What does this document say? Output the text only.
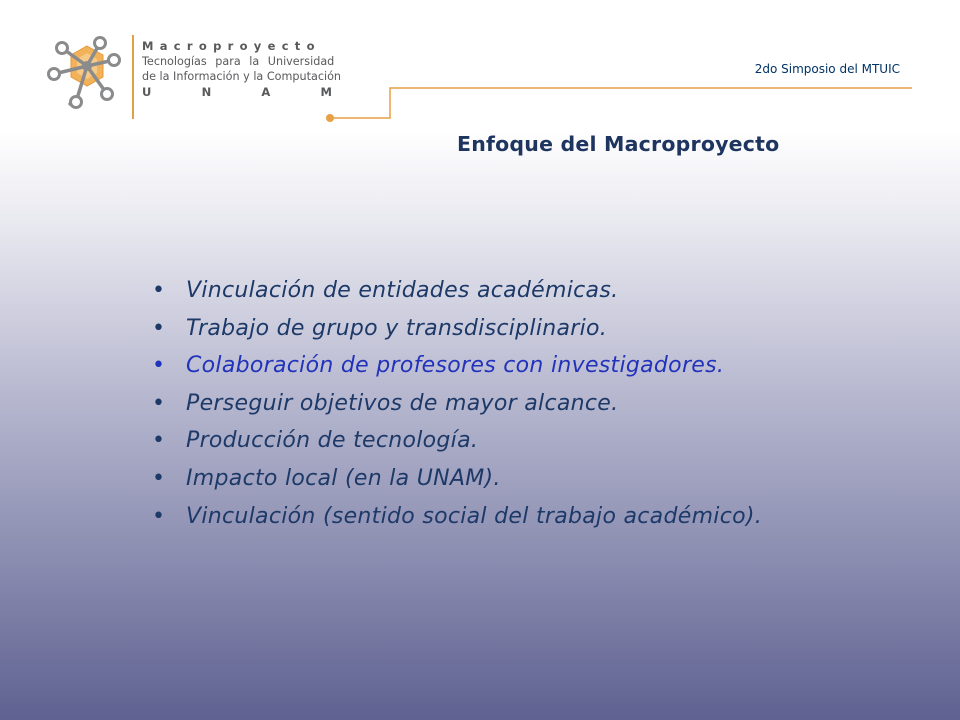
Macroproyecto
Tecnologías para la Universidad
de la Información y la Computación
U	N	A	M
2do Simposio del MTUIC
Enfoque del Macroproyecto
• Vinculación de entidades académicas.
• Trabajo de grupo y transdisciplinario.
• Colaboración de profesores con investigadores.
• Perseguir objetivos de mayor alcance.
• Producción de tecnología.
• Impacto local (en la UNAM).
• Vinculación (sentido social del trabajo académico).
